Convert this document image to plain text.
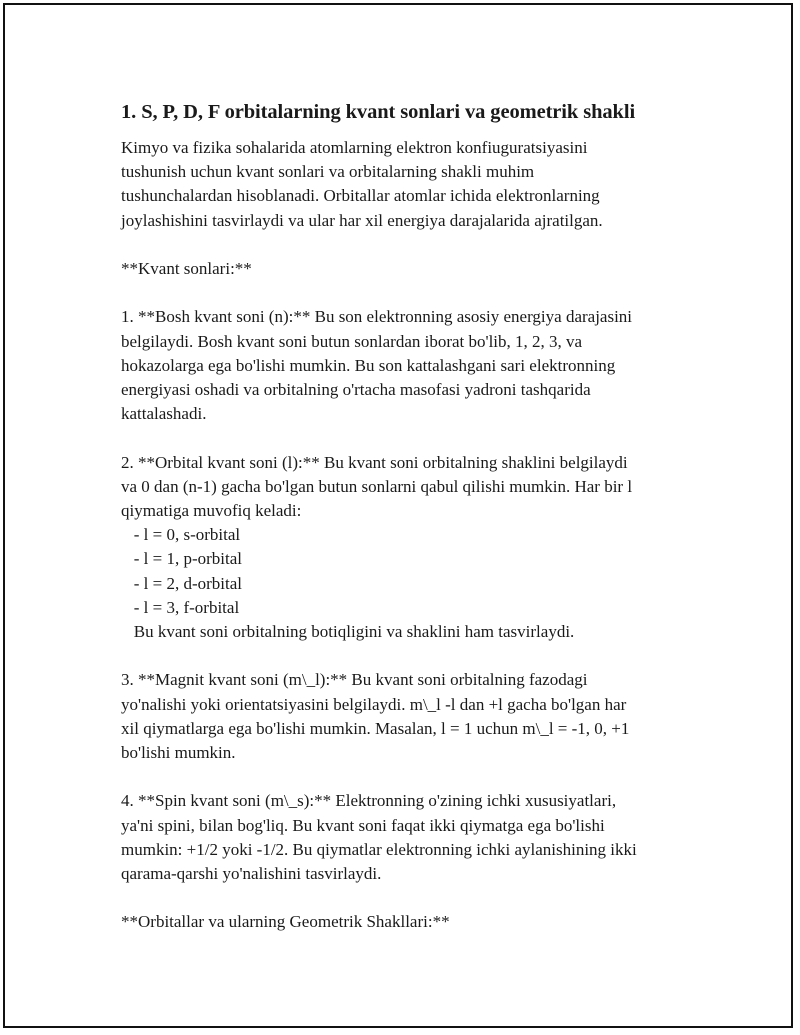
1. S, P, D, F orbitalarning kvant sonlari va geometrik shakli
Kimyo va fizika sohalarida atomlarning elektron konfiuguratsiyasini
tushunish uchun kvant sonlari va orbitalarning shakli muhim
tushunchalardan hisoblanadi. Orbitallar atomlar ichida elektronlarning
joylashishini tasvirlaydi va ular har xil energiya darajalarida ajratilgan.
**Kvant sonlari:**
1. **Bosh kvant soni (n):** Bu son elektronning asosiy energiya darajasini
belgilaydi. Bosh kvant soni butun sonlardan iborat bo'lib, 1, 2, 3, va
hokazolarga ega bo'lishi mumkin. Bu son kattalashgani sari elektronning
energiyasi oshadi va orbitalning o'rtacha masofasi yadroni tashqarida
kattalashadi.
2. **Orbital kvant soni (l):** Bu kvant soni orbitalning shaklini belgilaydi
va 0 dan (n-1) gacha bo'lgan butun sonlarni qabul qilishi mumkin. Har bir l
qiymatiga muvofiq keladi:
- l = 0, s-orbital
- l = 1, p-orbital
- l = 2, d-orbital
- l = 3, f-orbital
Bu kvant soni orbitalning botiqligini va shaklini ham tasvirlaydi.
3. **Magnit kvant soni (m\_l):** Bu kvant soni orbitalning fazodagi
yo'nalishi yoki orientatsiyasini belgilaydi. m\_l -l dan +l gacha bo'lgan har
xil qiymatlarga ega bo'lishi mumkin. Masalan, l = 1 uchun m\_l = -1, 0, +1
bo'lishi mumkin.
4. **Spin kvant soni (m\_s):** Elektronning o'zining ichki xususiyatlari,
ya'ni spini, bilan bog'liq. Bu kvant soni faqat ikki qiymatga ega bo'lishi
mumkin: +1/2 yoki -1/2. Bu qiymatlar elektronning ichki aylanishining ikki
qarama-qarshi yo'nalishini tasvirlaydi.
**Orbitallar va ularning Geometrik Shakllari:**
